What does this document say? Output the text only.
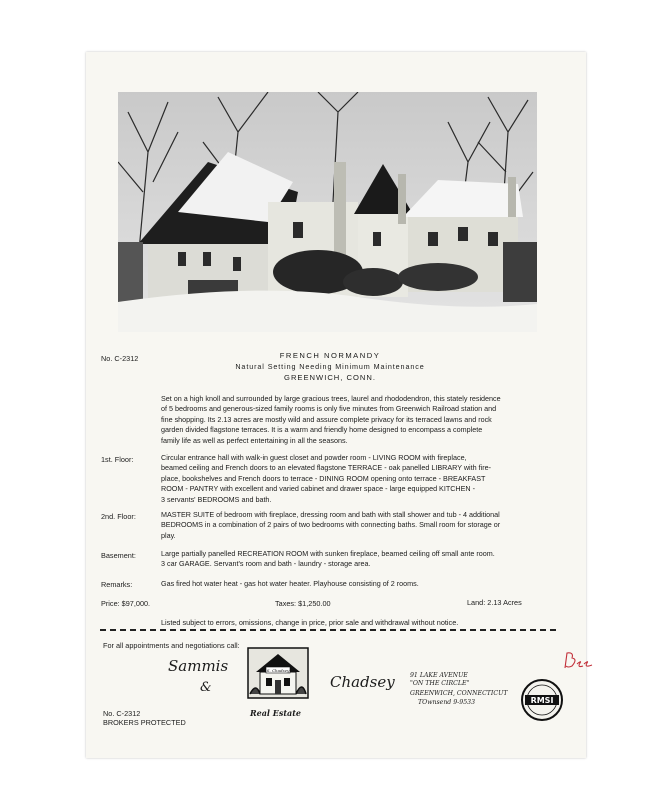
No. C-2312	FRENCH NORMANDY
Natural Setting Needing Minimum Maintenance
GREENWICH, CONN.
Set on a high knoll and surrounded by large gracious trees, laurel and rhododendron, this stately residence
of 5 bedrooms and generous-sized family rooms is only five minutes from Greenwich Railroad station and
fine shopping. Its 2.13 acres are mostly wild and assure complete privacy for its terraced lawns and rock
garden divided flagstone terraces. It is a warm and friendly home designed to encompass a complete
family life as well as perfect entertaining in all the seasons.
1st. Floor:	Circular entrance hall with walk-in guest closet and powder room - LIVING ROOM with fireplace,
beamed ceiling and French doors to an elevated flagstone TERRACE - oak panelled LIBRARY with fire-
place, bookshelves and French doors to terrace - DINING ROOM opening onto terrace - BREAKFAST
ROOM - PANTRY with excellent and varied cabinet and drawer space - large equipped KITCHEN -
3 servants' BEDROOMS and bath.
2nd. Floor:	MASTER SUITE of bedroom with fireplace, dressing room and bath with stall shower and tub - 4 additional
BEDROOMS in a combination of 2 pairs of two bedrooms with connecting baths. Small room for storage or
play.
Basement:	Large partially panelled RECREATION ROOM with sunken fireplace, beamed ceiling off small ante room.
3 car GARAGE. Servant's room and bath - laundry - storage area.
Remarks:	Gas fired hot water heat - gas hot water heater. Playhouse consisting of 2 rooms.
Price: $97,000.	Taxes: $1,250.00	Land: 2.13 Acres
Listed subject to errors, omissions, change in price, prior sale and withdrawal without notice.
For all appointments and negotiations call:
Sammis
&
S. Chadsey
Chadsey
Real Estate
91 LAKE AVENUE
"ON THE CIRCLE"
GREENWICH, CONNECTICUT
TOwnsend 9-9533
No. C-2312
BROKERS PROTECTED
RMSI
